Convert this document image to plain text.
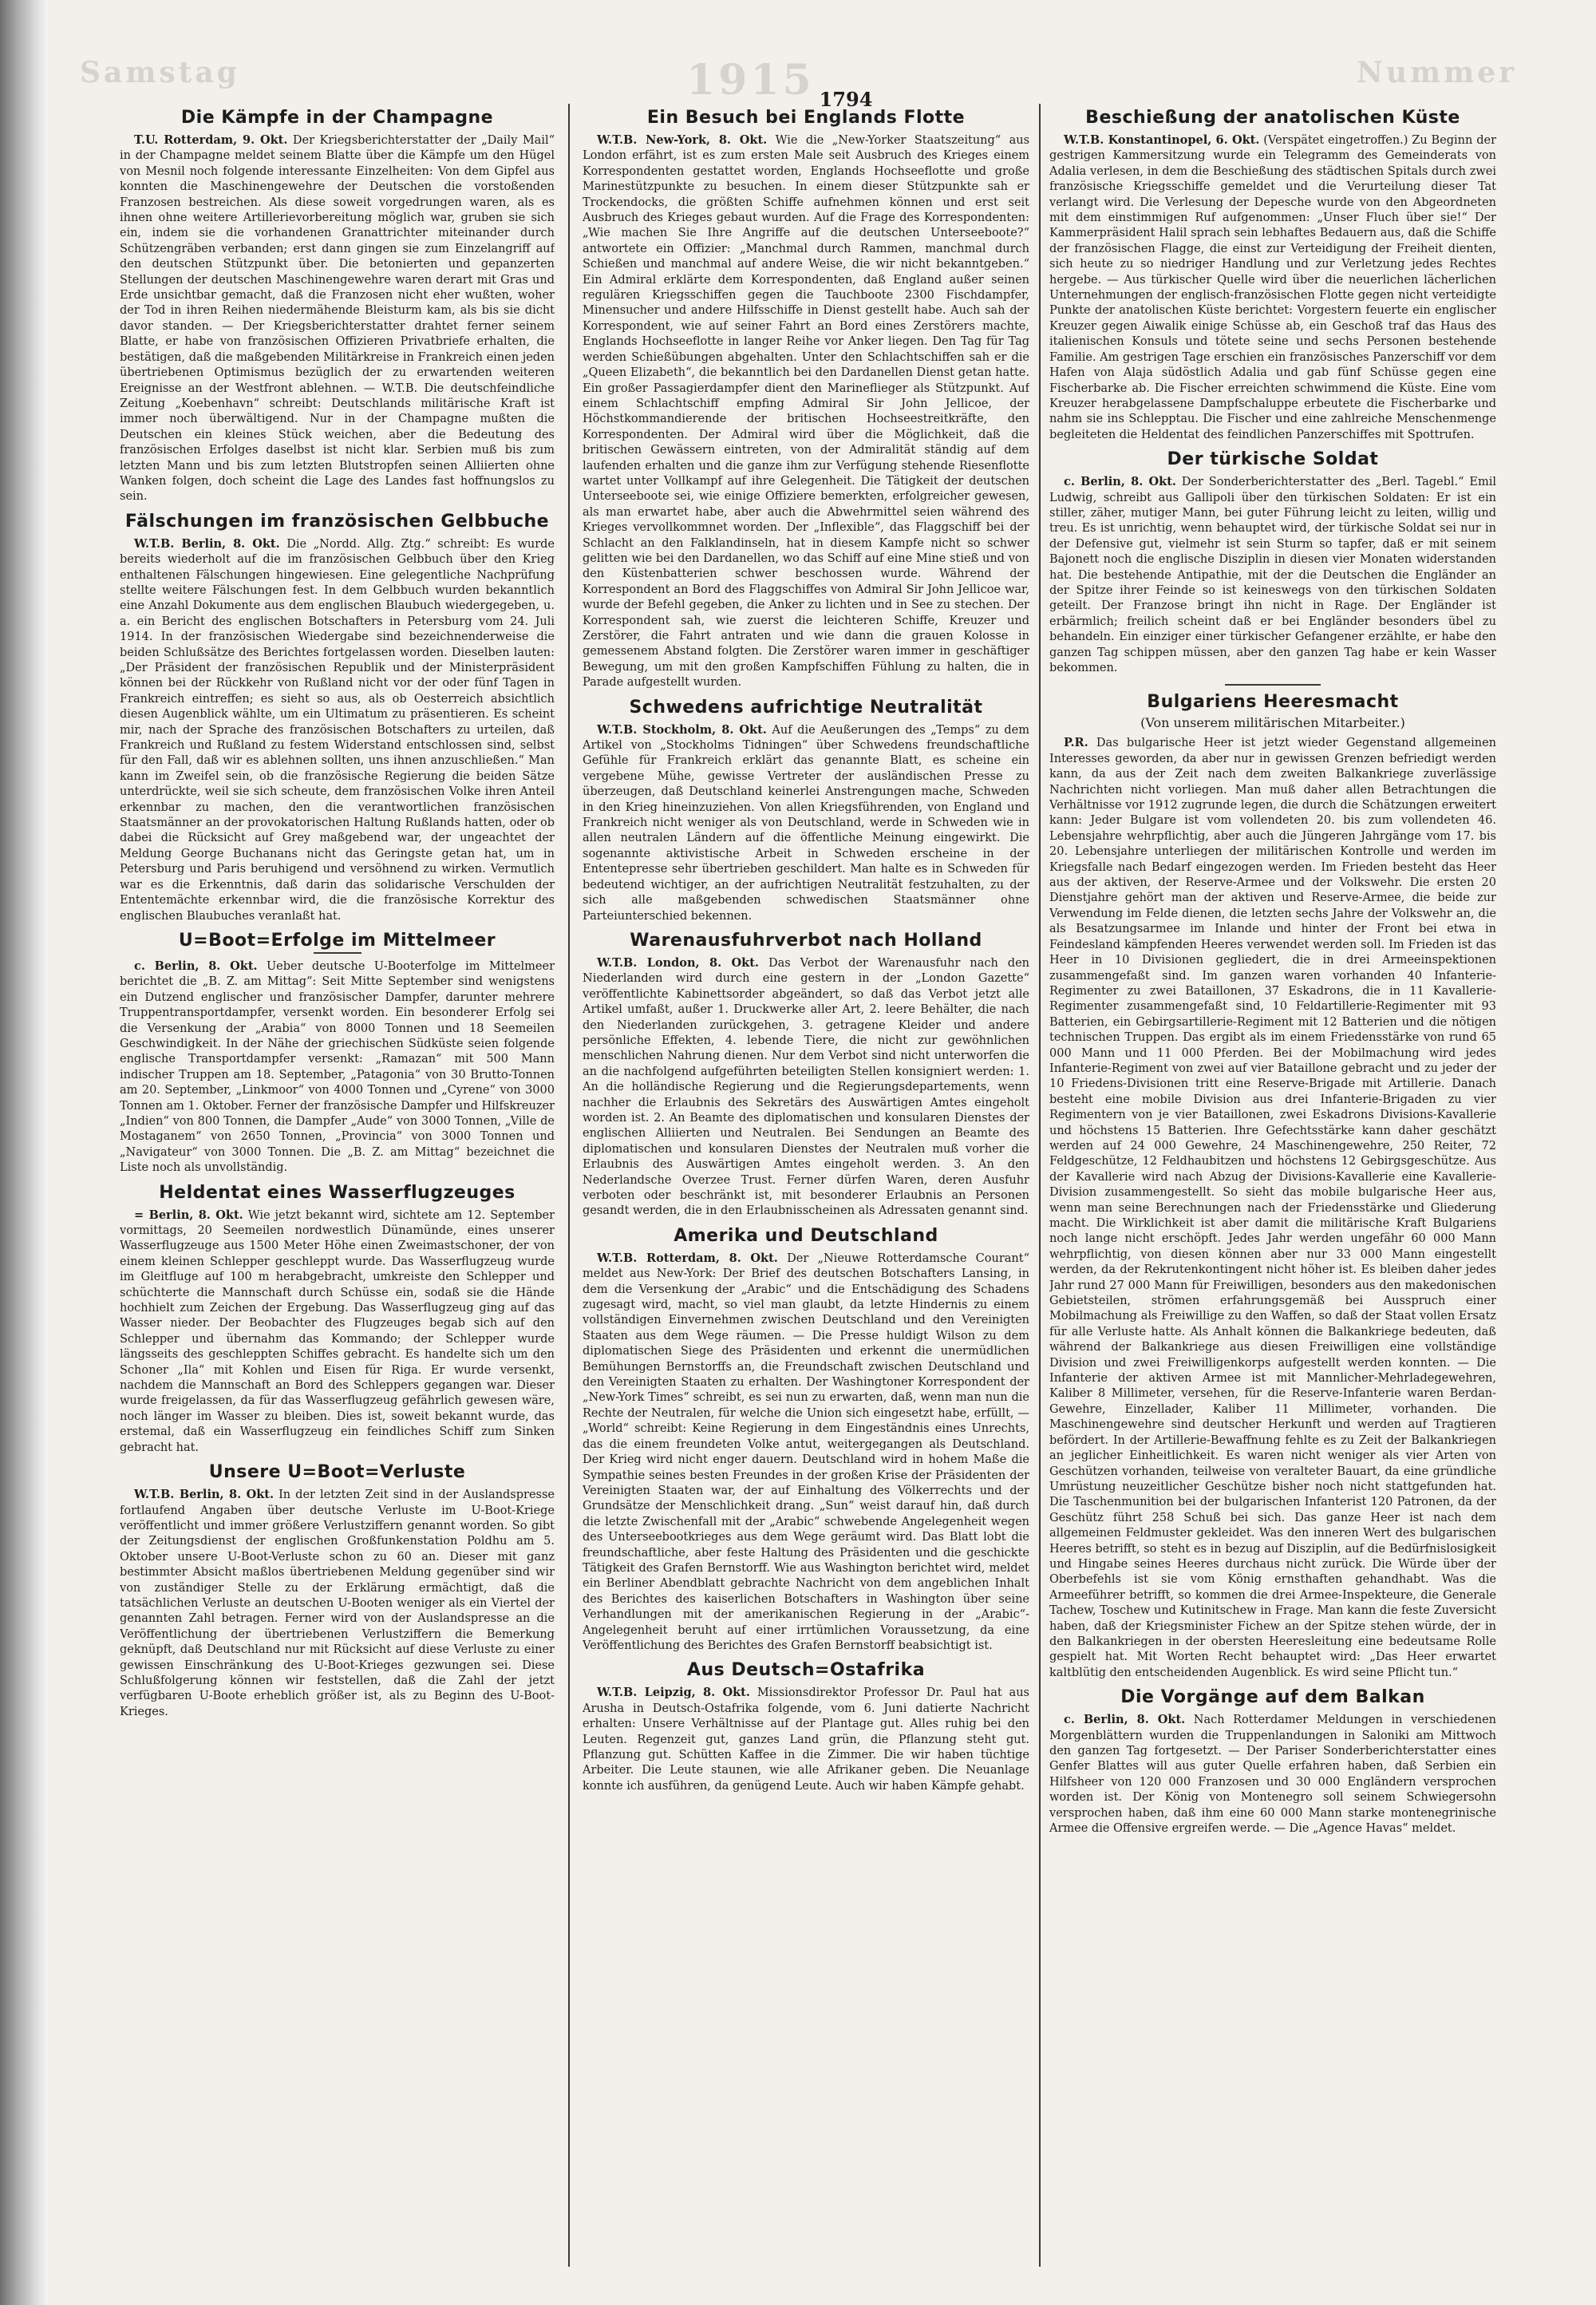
Samstag	1915	Nummer
1794
Die Kämpfe in der Champagne

T.U. Rotterdam, 9. Okt. Der Kriegsberichterstatter der „Daily Mail“ in der Champagne meldet seinem Blatte über die Kämpfe um den Hügel von Mesnil noch folgende interessante Einzelheiten: Von dem Gipfel aus konnten die Maschinengewehre der Deutschen die vorstoßenden Franzosen bestreichen. Als diese soweit vorgedrungen waren, als es ihnen ohne weitere Artillerievorbereitung möglich war, gruben sie sich ein, indem sie die vorhandenen Granattrichter miteinander durch Schützengräben verbanden; erst dann gingen sie zum Einzelangriff auf den deutschen Stützpunkt über. Die betonierten und gepanzerten Stellungen der deutschen Maschinengewehre waren derart mit Gras und Erde unsichtbar gemacht, daß die Franzosen nicht eher wußten, woher der Tod in ihren Reihen niedermähende Bleisturm kam, als bis sie dicht davor standen. — Der Kriegsberichterstatter drahtet ferner seinem Blatte, er habe von französischen Offizieren Privatbriefe erhalten, die bestätigen, daß die maßgebenden Militärkreise in Frankreich einen jeden übertriebenen Optimismus bezüglich der zu erwartenden weiteren Ereignisse an der Westfront ablehnen. — W.T.B. Die deutschfeindliche Zeitung „Koebenhavn“ schreibt: Deutschlands militärische Kraft ist immer noch überwältigend. Nur in der Champagne mußten die Deutschen ein kleines Stück weichen, aber die Bedeutung des französischen Erfolges daselbst ist nicht klar. Serbien muß bis zum letzten Mann und bis zum letzten Blutstropfen seinen Alliierten ohne Wanken folgen, doch scheint die Lage des Landes fast hoffnungslos zu sein.

Fälschungen im französischen Gelbbuche

W.T.B. Berlin, 8. Okt. Die „Nordd. Allg. Ztg.“ schreibt: Es wurde bereits wiederholt auf die im französischen Gelbbuch über den Krieg enthaltenen Fälschungen hingewiesen. Eine gelegentliche Nachprüfung stellte weitere Fälschungen fest. In dem Gelbbuch wurden bekanntlich eine Anzahl Dokumente aus dem englischen Blaubuch wiedergegeben, u. a. ein Bericht des englischen Botschafters in Petersburg vom 24. Juli 1914. In der französischen Wiedergabe sind bezeichnenderweise die beiden Schlußsätze des Berichtes fortgelassen worden. Dieselben lauten: „Der Präsident der französischen Republik und der Ministerpräsident können bei der Rückkehr von Rußland nicht vor der oder fünf Tagen in Frankreich eintreffen; es sieht so aus, als ob Oesterreich absichtlich diesen Augenblick wählte, um ein Ultimatum zu präsentieren. Es scheint mir, nach der Sprache des französischen Botschafters zu urteilen, daß Frankreich und Rußland zu festem Widerstand entschlossen sind, selbst für den Fall, daß wir es ablehnen sollten, uns ihnen anzuschließen.“ Man kann im Zweifel sein, ob die französische Regierung die beiden Sätze unterdrückte, weil sie sich scheute, dem französischen Volke ihren Anteil erkennbar zu machen, den die verantwortlichen französischen Staatsmänner an der provokatorischen Haltung Rußlands hatten, oder ob dabei die Rücksicht auf Grey maßgebend war, der ungeachtet der Meldung George Buchanans nicht das Geringste getan hat, um in Petersburg und Paris beruhigend und versöhnend zu wirken. Vermutlich war es die Erkenntnis, daß darin das solidarische Verschulden der Ententemächte erkennbar wird, die die französische Korrektur des englischen Blaubuches veranlaßt hat.

U=Boot=Erfolge im Mittelmeer

c. Berlin, 8. Okt. Ueber deutsche U-Booterfolge im Mittelmeer berichtet die „B. Z. am Mittag“: Seit Mitte September sind wenigstens ein Dutzend englischer und französischer Dampfer, darunter mehrere Truppentransportdampfer, versenkt worden. Ein besonderer Erfolg sei die Versenkung der „Arabia“ von 8000 Tonnen und 18 Seemeilen Geschwindigkeit. In der Nähe der griechischen Südküste seien folgende englische Transportdampfer versenkt: „Ramazan“ mit 500 Mann indischer Truppen am 18. September, „Patagonia“ von 30 Brutto-Tonnen am 20. September, „Linkmoor“ von 4000 Tonnen und „Cyrene“ von 3000 Tonnen am 1. Oktober. Ferner der französische Dampfer und Hilfskreuzer „Indien“ von 800 Tonnen, die Dampfer „Aude“ von 3000 Tonnen, „Ville de Mostaganem“ von 2650 Tonnen, „Provincia“ von 3000 Tonnen und „Navigateur“ von 3000 Tonnen. Die „B. Z. am Mittag“ bezeichnet die Liste noch als unvollständig.

Heldentat eines Wasserflugzeuges

= Berlin, 8. Okt. Wie jetzt bekannt wird, sichtete am 12. September vormittags, 20 Seemeilen nordwestlich Dünamünde, eines unserer Wasserflugzeuge aus 1500 Meter Höhe einen Zweimastschoner, der von einem kleinen Schlepper geschleppt wurde. Das Wasserflugzeug wurde im Gleitfluge auf 100 m herabgebracht, umkreiste den Schlepper und schüchterte die Mannschaft durch Schüsse ein, sodaß sie die Hände hochhielt zum Zeichen der Ergebung. Das Wasserflugzeug ging auf das Wasser nieder. Der Beobachter des Flugzeuges begab sich auf den Schlepper und übernahm das Kommando; der Schlepper wurde längsseits des geschleppten Schiffes gebracht. Es handelte sich um den Schoner „Ila“ mit Kohlen und Eisen für Riga. Er wurde versenkt, nachdem die Mannschaft an Bord des Schleppers gegangen war. Dieser wurde freigelassen, da für das Wasserflugzeug gefährlich gewesen wäre, noch länger im Wasser zu bleiben. Dies ist, soweit bekannt wurde, das erstemal, daß ein Wasserflugzeug ein feindliches Schiff zum Sinken gebracht hat.

Unsere U=Boot=Verluste

W.T.B. Berlin, 8. Okt. In der letzten Zeit sind in der Auslandspresse fortlaufend Angaben über deutsche Verluste im U-Boot-Kriege veröffentlicht und immer größere Verlustziffern genannt worden. So gibt der Zeitungsdienst der englischen Großfunkenstation Poldhu am 5. Oktober unsere U-Boot-Verluste schon zu 60 an. Dieser mit ganz bestimmter Absicht maßlos übertriebenen Meldung gegenüber sind wir von zuständiger Stelle zu der Erklärung ermächtigt, daß die tatsächlichen Verluste an deutschen U-Booten weniger als ein Viertel der genannten Zahl betragen. Ferner wird von der Auslandspresse an die Veröffentlichung der übertriebenen Verlustziffern die Bemerkung geknüpft, daß Deutschland nur mit Rücksicht auf diese Verluste zu einer gewissen Einschränkung des U-Boot-Krieges gezwungen sei. Diese Schlußfolgerung können wir feststellen, daß die Zahl der jetzt verfügbaren U-Boote erheblich größer ist, als zu Beginn des U-Boot-Krieges.

Ein Besuch bei Englands Flotte

W.T.B. New-York, 8. Okt. Wie die „New-Yorker Staatszeitung“ aus London erfährt, ist es zum ersten Male seit Ausbruch des Krieges einem Korrespondenten gestattet worden, Englands Hochseeflotte und große Marinestützpunkte zu besuchen. In einem dieser Stützpunkte sah er Trockendocks, die größten Schiffe aufnehmen können und erst seit Ausbruch des Krieges gebaut wurden. Auf die Frage des Korrespondenten: „Wie machen Sie Ihre Angriffe auf die deutschen Unterseeboote?“ antwortete ein Offizier: „Manchmal durch Rammen, manchmal durch Schießen und manchmal auf andere Weise, die wir nicht bekanntgeben.“ Ein Admiral erklärte dem Korrespondenten, daß England außer seinen regulären Kriegsschiffen gegen die Tauchboote 2300 Fischdampfer, Minensucher und andere Hilfsschiffe in Dienst gestellt habe. Auch sah der Korrespondent, wie auf seiner Fahrt an Bord eines Zerstörers machte, Englands Hochseeflotte in langer Reihe vor Anker liegen. Den Tag für Tag werden Schießübungen abgehalten. Unter den Schlachtschiffen sah er die „Queen Elizabeth“, die bekanntlich bei den Dardanellen Dienst getan hatte. Ein großer Passagierdampfer dient den Marineflieger als Stützpunkt. Auf einem Schlachtschiff empfing Admiral Sir John Jellicoe, der Höchstkommandierende der britischen Hochseestreitkräfte, den Korrespondenten. Der Admiral wird über die Möglichkeit, daß die britischen Gewässern eintreten, von der Admiralität ständig auf dem laufenden erhalten und die ganze ihm zur Verfügung stehende Riesenflotte wartet unter Vollkampf auf ihre Gelegenheit. Die Tätigkeit der deutschen Unterseeboote sei, wie einige Offiziere bemerkten, erfolgreicher gewesen, als man erwartet habe, aber auch die Abwehrmittel seien während des Krieges vervollkommnet worden. Der „Inflexible“, das Flaggschiff bei der Schlacht an den Falklandinseln, hat in diesem Kampfe nicht so schwer gelitten wie bei den Dardanellen, wo das Schiff auf eine Mine stieß und von den Küstenbatterien schwer beschossen wurde. Während der Korrespondent an Bord des Flaggschiffes von Admiral Sir John Jellicoe war, wurde der Befehl gegeben, die Anker zu lichten und in See zu stechen. Der Korrespondent sah, wie zuerst die leichteren Schiffe, Kreuzer und Zerstörer, die Fahrt antraten und wie dann die grauen Kolosse in gemessenem Abstand folgten. Die Zerstörer waren immer in geschäftiger Bewegung, um mit den großen Kampfschiffen Fühlung zu halten, die in Parade aufgestellt wurden.

Schwedens aufrichtige Neutralität

W.T.B. Stockholm, 8. Okt. Auf die Aeußerungen des „Temps“ zu dem Artikel von „Stockholms Tidningen“ über Schwedens freundschaftliche Gefühle für Frankreich erklärt das genannte Blatt, es scheine ein vergebene Mühe, gewisse Vertreter der ausländischen Presse zu überzeugen, daß Deutschland keinerlei Anstrengungen mache, Schweden in den Krieg hineinzuziehen. Von allen Kriegsführenden, von England und Frankreich nicht weniger als von Deutschland, werde in Schweden wie in allen neutralen Ländern auf die öffentliche Meinung eingewirkt. Die sogenannte aktivistische Arbeit in Schweden erscheine in der Ententepresse sehr übertrieben geschildert. Man halte es in Schweden für bedeutend wichtiger, an der aufrichtigen Neutralität festzuhalten, zu der sich alle maßgebenden schwedischen Staatsmänner ohne Parteiunterschied bekennen.

Warenausfuhrverbot nach Holland

W.T.B. London, 8. Okt. Das Verbot der Warenausfuhr nach den Niederlanden wird durch eine gestern in der „London Gazette“ veröffentlichte Kabinettsorder abgeändert, so daß das Verbot jetzt alle Artikel umfaßt, außer 1. Druckwerke aller Art, 2. leere Behälter, die nach den Niederlanden zurückgehen, 3. getragene Kleider und andere persönliche Effekten, 4. lebende Tiere, die nicht zur gewöhnlichen menschlichen Nahrung dienen. Nur dem Verbot sind nicht unterworfen die an die nachfolgend aufgeführten beteiligten Stellen konsigniert werden: 1. An die holländische Regierung und die Regierungsdepartements, wenn nachher die Erlaubnis des Sekretärs des Auswärtigen Amtes eingeholt worden ist. 2. An Beamte des diplomatischen und konsularen Dienstes der englischen Alliierten und Neutralen. Bei Sendungen an Beamte des diplomatischen und konsularen Dienstes der Neutralen muß vorher die Erlaubnis des Auswärtigen Amtes eingeholt werden. 3. An den Nederlandsche Overzee Trust. Ferner dürfen Waren, deren Ausfuhr verboten oder beschränkt ist, mit besonderer Erlaubnis an Personen gesandt werden, die in den Erlaubnisscheinen als Adressaten genannt sind.

Amerika und Deutschland

W.T.B. Rotterdam, 8. Okt. Der „Nieuwe Rotterdamsche Courant“ meldet aus New-York: Der Brief des deutschen Botschafters Lansing, in dem die Versenkung der „Arabic“ und die Entschädigung des Schadens zugesagt wird, macht, so viel man glaubt, da letzte Hindernis zu einem vollständigen Einvernehmen zwischen Deutschland und den Vereinigten Staaten aus dem Wege räumen. — Die Presse huldigt Wilson zu dem diplomatischen Siege des Präsidenten und erkennt die unermüdlichen Bemühungen Bernstorffs an, die Freundschaft zwischen Deutschland und den Vereinigten Staaten zu erhalten. Der Washingtoner Korrespondent der „New-York Times“ schreibt, es sei nun zu erwarten, daß, wenn man nun die Rechte der Neutralen, für welche die Union sich eingesetzt habe, erfüllt, — „World“ schreibt: Keine Regierung in dem Eingeständnis eines Unrechts, das die einem freundeten Volke antut, weitergegangen als Deutschland. Der Krieg wird nicht enger dauern. Deutschland wird in hohem Maße die Sympathie seines besten Freundes in der großen Krise der Präsidenten der Vereinigten Staaten war, der auf Einhaltung des Völkerrechts und der Grundsätze der Menschlichkeit drang. „Sun“ weist darauf hin, daß durch die letzte Zwischenfall mit der „Arabic“ schwebende Angelegenheit wegen des Unterseebootkrieges aus dem Wege geräumt wird. Das Blatt lobt die freundschaftliche, aber feste Haltung des Präsidenten und die geschickte Tätigkeit des Grafen Bernstorff. Wie aus Washington berichtet wird, meldet ein Berliner Abendblatt gebrachte Nachricht von dem angeblichen Inhalt des Berichtes des kaiserlichen Botschafters in Washington über seine Verhandlungen mit der amerikanischen Regierung in der „Arabic“-Angelegenheit beruht auf einer irrtümlichen Voraussetzung, da eine Veröffentlichung des Berichtes des Grafen Bernstorff beabsichtigt ist.

Aus Deutsch=Ostafrika

W.T.B. Leipzig, 8. Okt. Missionsdirektor Professor Dr. Paul hat aus Arusha in Deutsch-Ostafrika folgende, vom 6. Juni datierte Nachricht erhalten: Unsere Verhältnisse auf der Plantage gut. Alles ruhig bei den Leuten. Regenzeit gut, ganzes Land grün, die Pflanzung steht gut. Pflanzung gut. Schütten Kaffee in die Zimmer. Die wir haben tüchtige Arbeiter. Die Leute staunen, wie alle Afrikaner geben. Die Neuanlage konnte ich ausführen, da genügend Leute. Auch wir haben Kämpfe gehabt.

Beschießung der anatolischen Küste

W.T.B. Konstantinopel, 6. Okt. (Verspätet eingetroffen.) Zu Beginn der gestrigen Kammersitzung wurde ein Telegramm des Gemeinderats von Adalia verlesen, in dem die Beschießung des städtischen Spitals durch zwei französische Kriegsschiffe gemeldet und die Verurteilung dieser Tat verlangt wird. Die Verlesung der Depesche wurde von den Abgeordneten mit dem einstimmigen Ruf aufgenommen: „Unser Fluch über sie!“ Der Kammerpräsident Halil sprach sein lebhaftes Bedauern aus, daß die Schiffe der französischen Flagge, die einst zur Verteidigung der Freiheit dienten, sich heute zu so niedriger Handlung und zur Verletzung jedes Rechtes hergebe. — Aus türkischer Quelle wird über die neuerlichen lächerlichen Unternehmungen der englisch-französischen Flotte gegen nicht verteidigte Punkte der anatolischen Küste berichtet: Vorgestern feuerte ein englischer Kreuzer gegen Aiwalik einige Schüsse ab, ein Geschoß traf das Haus des italienischen Konsuls und tötete seine und sechs Personen bestehende Familie. Am gestrigen Tage erschien ein französisches Panzerschiff vor dem Hafen von Alaja südöstlich Adalia und gab fünf Schüsse gegen eine Fischerbarke ab. Die Fischer erreichten schwimmend die Küste. Eine vom Kreuzer herabgelassene Dampfschaluppe erbeutete die Fischerbarke und nahm sie ins Schlepptau. Die Fischer und eine zahlreiche Menschenmenge begleiteten die Heldentat des feindlichen Panzerschiffes mit Spottrufen.

Der türkische Soldat

c. Berlin, 8. Okt. Der Sonderberichterstatter des „Berl. Tagebl.“ Emil Ludwig, schreibt aus Gallipoli über den türkischen Soldaten: Er ist ein stiller, zäher, mutiger Mann, bei guter Führung leicht zu leiten, willig und treu. Es ist unrichtig, wenn behauptet wird, der türkische Soldat sei nur in der Defensive gut, vielmehr ist sein Sturm so tapfer, daß er mit seinem Bajonett noch die englische Disziplin in diesen vier Monaten widerstanden hat. Die bestehende Antipathie, mit der die Deutschen die Engländer an der Spitze ihrer Feinde so ist keineswegs von den türkischen Soldaten geteilt. Der Franzose bringt ihn nicht in Rage. Der Engländer ist erbärmlich; freilich scheint daß er bei Engländer besonders übel zu behandeln. Ein einziger einer türkischer Gefangener erzählte, er habe den ganzen Tag schippen müssen, aber den ganzen Tag habe er kein Wasser bekommen.

Bulgariens Heeresmacht
(Von unserem militärischen Mitarbeiter.)

P.R. Das bulgarische Heer ist jetzt wieder Gegenstand allgemeinen Interesses geworden, da aber nur in gewissen Grenzen befriedigt werden kann, da aus der Zeit nach dem zweiten Balkankriege zuverlässige Nachrichten nicht vorliegen. Man muß daher allen Betrachtungen die Verhältnisse vor 1912 zugrunde legen, die durch die Schätzungen erweitert kann: Jeder Bulgare ist vom vollendeten 20. bis zum vollendeten 46. Lebensjahre wehrpflichtig, aber auch die Jüngeren Jahrgänge vom 17. bis 20. Lebensjahre unterliegen der militärischen Kontrolle und werden im Kriegsfalle nach Bedarf eingezogen werden. Im Frieden besteht das Heer aus der aktiven, der Reserve-Armee und der Volkswehr. Die ersten 20 Dienstjahre gehört man der aktiven und Reserve-Armee, die beide zur Verwendung im Felde dienen, die letzten sechs Jahre der Volkswehr an, die als Besatzungsarmee im Inlande und hinter der Front bei etwa in Feindesland kämpfenden Heeres verwendet werden soll. Im Frieden ist das Heer in 10 Divisionen gegliedert, die in drei Armeeinspektionen zusammengefaßt sind. Im ganzen waren vorhanden 40 Infanterie-Regimenter zu zwei Bataillonen, 37 Eskadrons, die in 11 Kavallerie-Regimenter zusammengefaßt sind, 10 Feldartillerie-Regimenter mit 93 Batterien, ein Gebirgsartillerie-Regiment mit 12 Batterien und die nötigen technischen Truppen. Das ergibt als im einem Friedensstärke von rund 65 000 Mann und 11 000 Pferden. Bei der Mobilmachung wird jedes Infanterie-Regiment von zwei auf vier Bataillone gebracht und zu jeder der 10 Friedens-Divisionen tritt eine Reserve-Brigade mit Artillerie. Danach besteht eine mobile Division aus drei Infanterie-Brigaden zu vier Regimentern von je vier Bataillonen, zwei Eskadrons Divisions-Kavallerie und höchstens 15 Batterien. Ihre Gefechtsstärke kann daher geschätzt werden auf 24 000 Gewehre, 24 Maschinengewehre, 250 Reiter, 72 Feldgeschütze, 12 Feldhaubitzen und höchstens 12 Gebirgsgeschütze. Aus der Kavallerie wird nach Abzug der Divisions-Kavallerie eine Kavallerie-Division zusammengestellt. So sieht das mobile bulgarische Heer aus, wenn man seine Berechnungen nach der Friedensstärke und Gliederung macht. Die Wirklichkeit ist aber damit die militärische Kraft Bulgariens noch lange nicht erschöpft. Jedes Jahr werden ungefähr 60 000 Mann wehrpflichtig, von diesen können aber nur 33 000 Mann eingestellt werden, da der Rekrutenkontingent nicht höher ist. Es bleiben daher jedes Jahr rund 27 000 Mann für Freiwilligen, besonders aus den makedonischen Gebietsteilen, strömen erfahrungsgemäß bei Ausspruch einer Mobilmachung als Freiwillige zu den Waffen, so daß der Staat vollen Ersatz für alle Verluste hatte. Als Anhalt können die Balkankriege bedeuten, daß während der Balkankriege aus diesen Freiwilligen eine vollständige Division und zwei Freiwilligenkorps aufgestellt werden konnten. — Die Infanterie der aktiven Armee ist mit Mannlicher-Mehrladegewehren, Kaliber 8 Millimeter, versehen, für die Reserve-Infanterie waren Berdan-Gewehre, Einzellader, Kaliber 11 Millimeter, vorhanden. Die Maschinengewehre sind deutscher Herkunft und werden auf Tragtieren befördert. In der Artillerie-Bewaffnung fehlte es zu Zeit der Balkankriegen an jeglicher Einheitlichkeit. Es waren nicht weniger als vier Arten von Geschützen vorhanden, teilweise von veralteter Bauart, da eine gründliche Umrüstung neuzeitlicher Geschütze bisher noch nicht stattgefunden hat. Die Taschenmunition bei der bulgarischen Infanterist 120 Patronen, da der Geschütz führt 258 Schuß bei sich. Das ganze Heer ist nach dem allgemeinen Feldmuster gekleidet. Was den inneren Wert des bulgarischen Heeres betrifft, so steht es in bezug auf Disziplin, auf die Bedürfnislosigkeit und Hingabe seines Heeres durchaus nicht zurück. Die Würde über der Oberbefehls ist sie vom König ernsthaften gehandhabt. Was die Armeeführer betrifft, so kommen die drei Armee-Inspekteure, die Generale Tachew, Toschew und Kutinitschew in Frage. Man kann die feste Zuversicht haben, daß der Kriegsminister Fichew an der Spitze stehen würde, der in den Balkankriegen in der obersten Heeresleitung eine bedeutsame Rolle gespielt hat. Mit Worten Recht behauptet wird: „Das Heer erwartet kaltblütig den entscheidenden Augenblick. Es wird seine Pflicht tun.“

Die Vorgänge auf dem Balkan

c. Berlin, 8. Okt. Nach Rotterdamer Meldungen in verschiedenen Morgenblättern wurden die Truppenlandungen in Saloniki am Mittwoch den ganzen Tag fortgesetzt. — Der Pariser Sonderberichterstatter eines Genfer Blattes will aus guter Quelle erfahren haben, daß Serbien ein Hilfsheer von 120 000 Franzosen und 30 000 Engländern versprochen worden ist. Der König von Montenegro soll seinem Schwiegersohn versprochen haben, daß ihm eine 60 000 Mann starke montenegrinische Armee die Offensive ergreifen werde. — Die „Agence Havas“ meldet.
